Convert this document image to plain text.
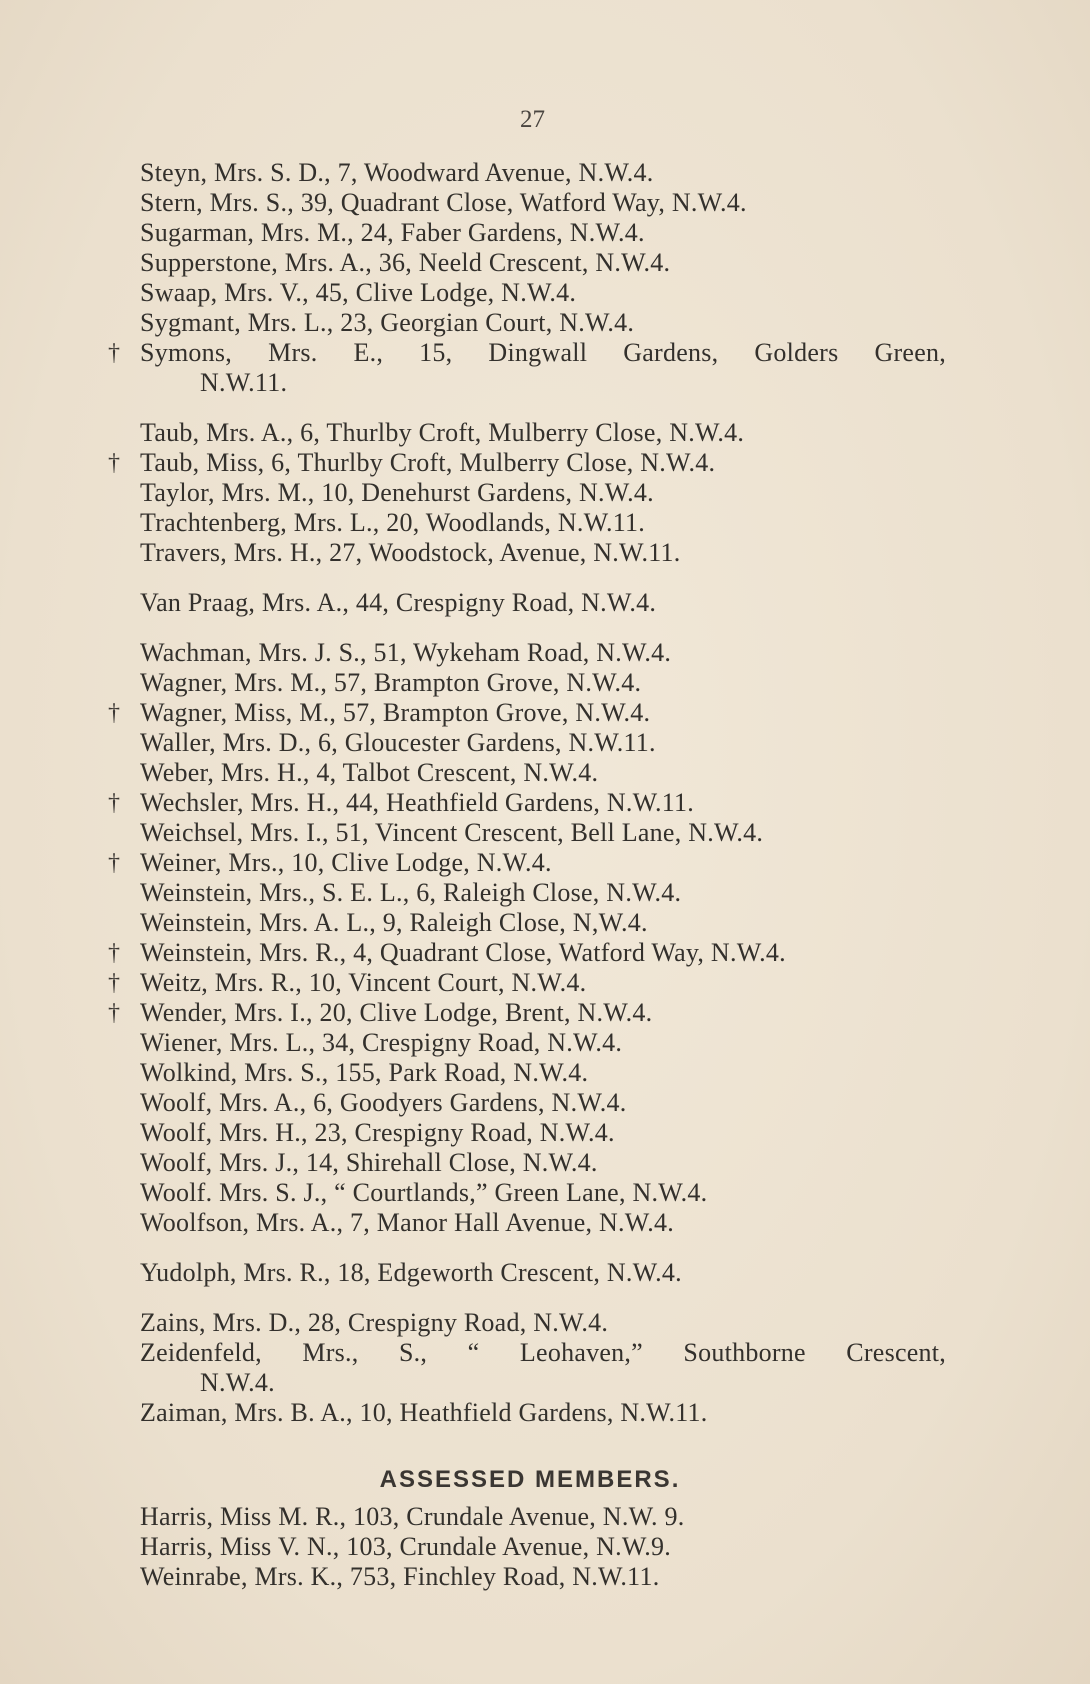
27
Steyn, Mrs. S. D., 7, Woodward Avenue, N.W.4.
Stern, Mrs. S., 39, Quadrant Close, Watford Way, N.W.4.
Sugarman, Mrs. M., 24, Faber Gardens, N.W.4.
Supperstone, Mrs. A., 36, Neeld Crescent, N.W.4.
Swaap, Mrs. V., 45, Clive Lodge, N.W.4.
Sygmant, Mrs. L., 23, Georgian Court, N.W.4.
† Symons, Mrs. E., 15, Dingwall Gardens, Golders Green,
N.W.11.
Taub, Mrs. A., 6, Thurlby Croft, Mulberry Close, N.W.4.
† Taub, Miss, 6, Thurlby Croft, Mulberry Close, N.W.4.
Taylor, Mrs. M., 10, Denehurst Gardens, N.W.4.
Trachtenberg, Mrs. L., 20, Woodlands, N.W.11.
Travers, Mrs. H., 27, Woodstock, Avenue, N.W.11.
Van Praag, Mrs. A., 44, Crespigny Road, N.W.4.
Wachman, Mrs. J. S., 51, Wykeham Road, N.W.4.
Wagner, Mrs. M., 57, Brampton Grove, N.W.4.
† Wagner, Miss, M., 57, Brampton Grove, N.W.4.
Waller, Mrs. D., 6, Gloucester Gardens, N.W.11.
Weber, Mrs. H., 4, Talbot Crescent, N.W.4.
† Wechsler, Mrs. H., 44, Heathfield Gardens, N.W.11.
Weichsel, Mrs. I., 51, Vincent Crescent, Bell Lane, N.W.4.
† Weiner, Mrs., 10, Clive Lodge, N.W.4.
Weinstein, Mrs., S. E. L., 6, Raleigh Close, N.W.4.
Weinstein, Mrs. A. L., 9, Raleigh Close, N,W.4.
† Weinstein, Mrs. R., 4, Quadrant Close, Watford Way, N.W.4.
† Weitz, Mrs. R., 10, Vincent Court, N.W.4.
† Wender, Mrs. I., 20, Clive Lodge, Brent, N.W.4.
Wiener, Mrs. L., 34, Crespigny Road, N.W.4.
Wolkind, Mrs. S., 155, Park Road, N.W.4.
Woolf, Mrs. A., 6, Goodyers Gardens, N.W.4.
Woolf, Mrs. H., 23, Crespigny Road, N.W.4.
Woolf, Mrs. J., 14, Shirehall Close, N.W.4.
Woolf. Mrs. S. J., “ Courtlands,” Green Lane, N.W.4.
Woolfson, Mrs. A., 7, Manor Hall Avenue, N.W.4.
Yudolph, Mrs. R., 18, Edgeworth Crescent, N.W.4.
Zains, Mrs. D., 28, Crespigny Road, N.W.4.
Zeidenfeld, Mrs., S., “ Leohaven,” Southborne Crescent,
N.W.4.
Zaiman, Mrs. B. A., 10, Heathfield Gardens, N.W.11.
ASSESSED MEMBERS.
Harris, Miss M. R., 103, Crundale Avenue, N.W. 9.
Harris, Miss V. N., 103, Crundale Avenue, N.W.9.
Weinrabe, Mrs. K., 753, Finchley Road, N.W.11.
